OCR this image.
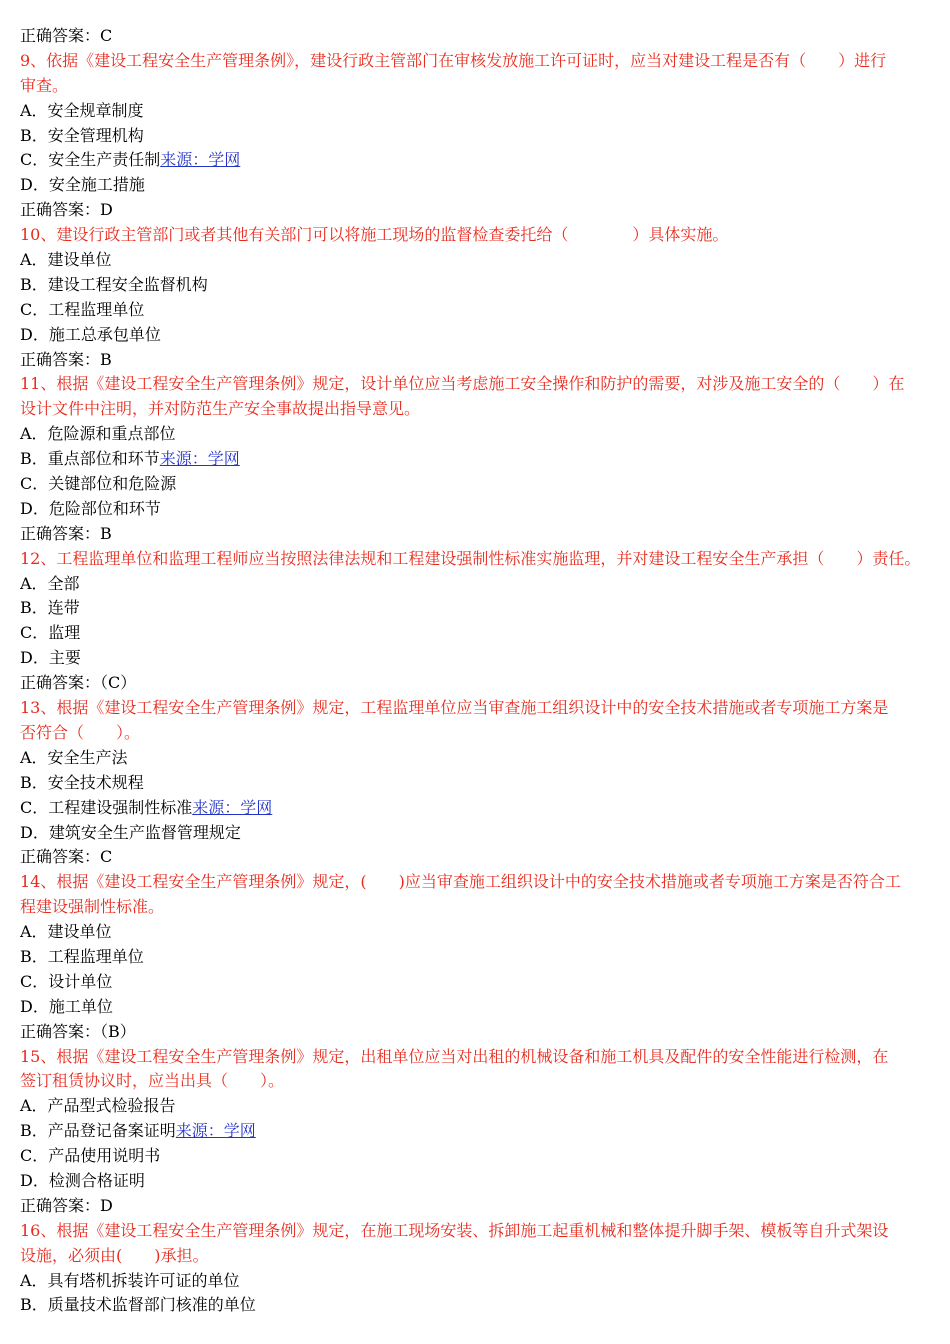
正确答案：C
9、依据《建设工程安全生产管理条例》，建设行政主管部门在审核发放施工许可证时，应当对建设工程是否有（　　）进行
审查。
A．安全规章制度
B．安全管理机构
C．安全生产责任制来源：学网
D．安全施工措施
正确答案：D
10、建设行政主管部门或者其他有关部门可以将施工现场的监督检查委托给（　　　　）具体实施。
A．建设单位
B．建设工程安全监督机构
C．工程监理单位
D．施工总承包单位
正确答案：B
11、根据《建设工程安全生产管理条例》规定，设计单位应当考虑施工安全操作和防护的需要，对涉及施工安全的（　　）在
设计文件中注明，并对防范生产安全事故提出指导意见。
A．危险源和重点部位
B．重点部位和环节来源：学网
C．关键部位和危险源
D．危险部位和环节
正确答案：B
12、工程监理单位和监理工程师应当按照法律法规和工程建设强制性标准实施监理，并对建设工程安全生产承担（　　）责任。
A．全部
B．连带
C．监理
D．主要
正确答案：（C）
13、根据《建设工程安全生产管理条例》规定，工程监理单位应当审查施工组织设计中的安全技术措施或者专项施工方案是
否符合（　　）。
A．安全生产法
B．安全技术规程
C．工程建设强制性标准来源：学网
D．建筑安全生产监督管理规定
正确答案：C
14、根据《建设工程安全生产管理条例》规定，(　　)应当审查施工组织设计中的安全技术措施或者专项施工方案是否符合工
程建设强制性标准。
A．建设单位
B．工程监理单位
C．设计单位
D．施工单位
正确答案：（B）
15、根据《建设工程安全生产管理条例》规定，出租单位应当对出租的机械设备和施工机具及配件的安全性能进行检测，在
签订租赁协议时，应当出具（　　）。
A．产品型式检验报告
B．产品登记备案证明来源：学网
C．产品使用说明书
D．检测合格证明
正确答案：D
16、根据《建设工程安全生产管理条例》规定，在施工现场安装、拆卸施工起重机械和整体提升脚手架、模板等自升式架设
设施，必须由(　　)承担。
A．具有塔机拆装许可证的单位
B．质量技术监督部门核准的单位
